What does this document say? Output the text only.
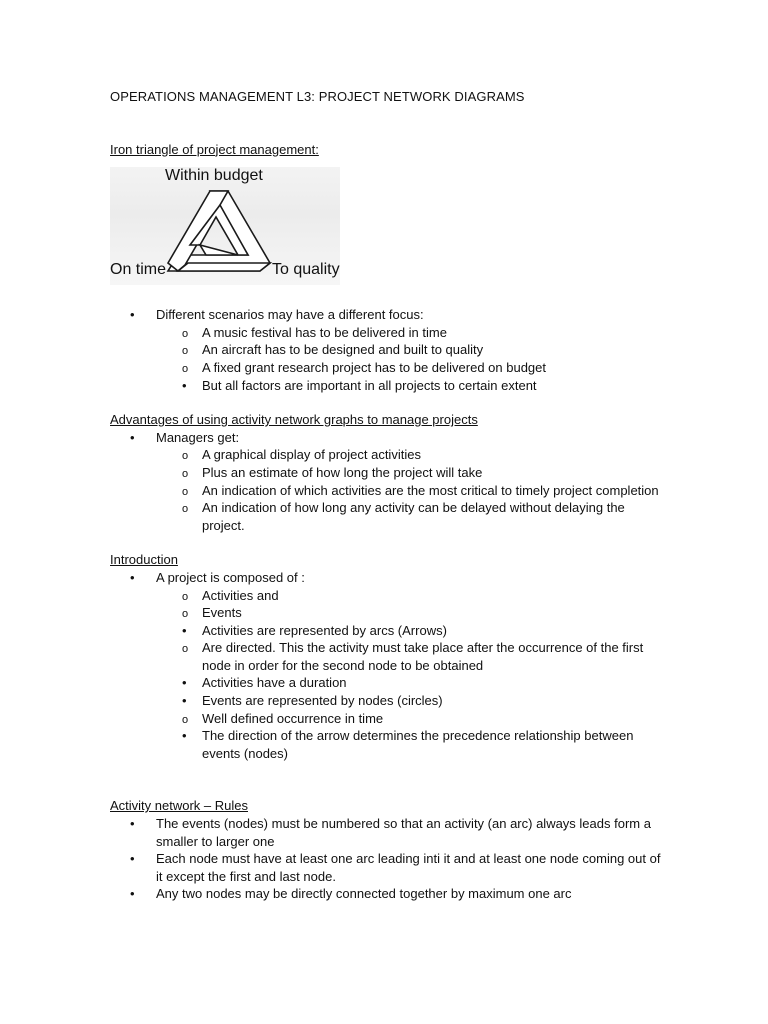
OPERATIONS MANAGEMENT L3: PROJECT NETWORK DIAGRAMS

Iron triangle of project management:

Within budget
On time	To quality
•
Different scenarios may have a different focus:
o
A music festival has to be delivered in time
o
An aircraft has to be designed and built to quality
o
A fixed grant research project has to be delivered on budget
•
But all factors are important in all projects to certain extent

Advantages of using activity network graphs to manage projects

•
Managers get:
o
A graphical display of project activities
o
Plus an estimate of how long the project will take
o
An indication of which activities are the most critical to timely project completion
o
An indication of how long any activity can be delayed without delaying the project.

Introduction

•
A project is composed of :
o
Activities and
o
Events
•
Activities are represented by arcs (Arrows)
o
Are directed. This the activity must take place after the occurrence of the first node in order for the second node to be obtained
•
Activities have a duration
•
Events are represented by nodes (circles)
o
Well defined occurrence in time
•
The direction of the arrow determines the precedence relationship between events (nodes)

Activity network – Rules

•
The events (nodes) must be numbered so that an activity (an arc) always leads form a smaller to larger one
•
Each node must have at least one arc leading inti it and at least one node coming out of it except the first and last node.
•
Any two nodes may be directly connected together by maximum one arc
